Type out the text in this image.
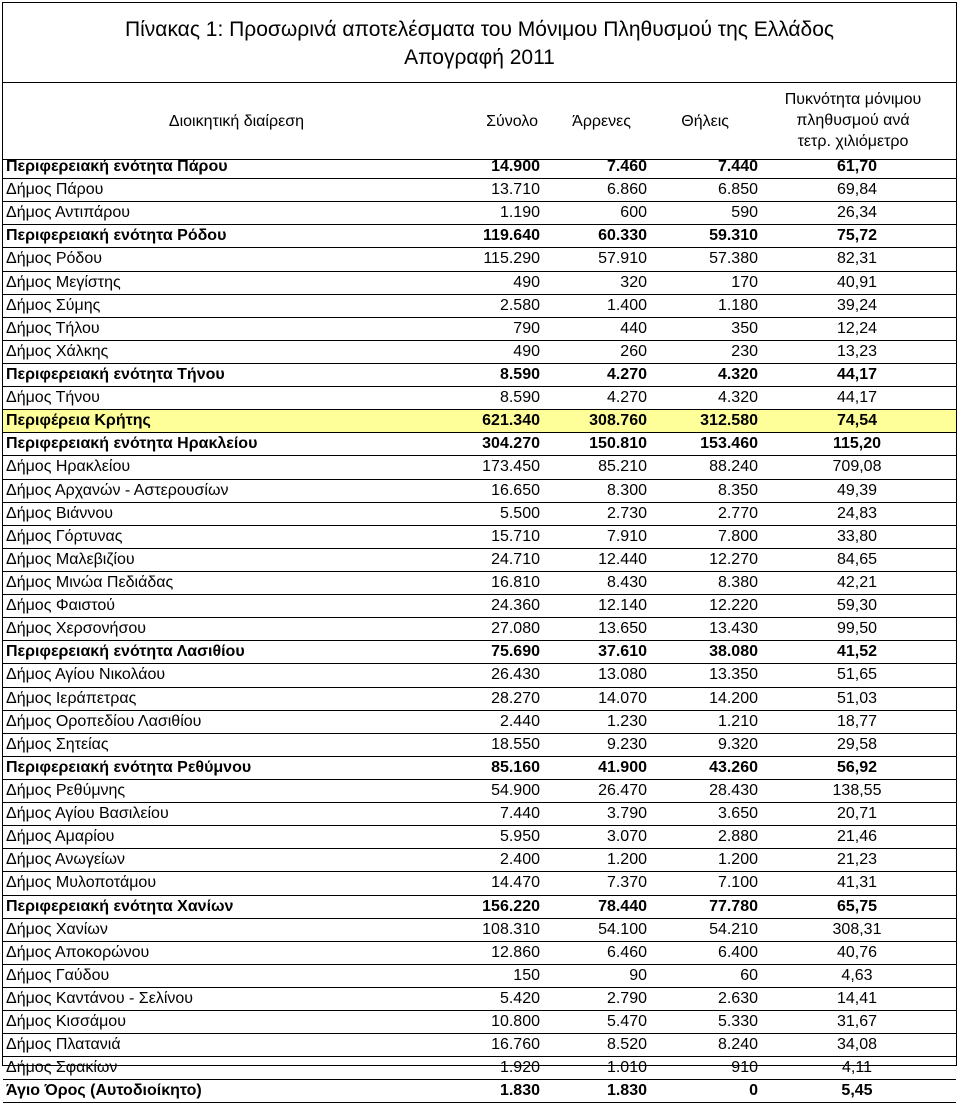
Πίνακας 1: Προσωρινά αποτελέσματα του Μόνιμου Πληθυσμού της Ελλάδος
Απογραφή 2011
Διοικητική διαίρεση	Σύνολο	Άρρενες	Θήλεις
Πυκνότητα μόνιμου
πληθυσμού ανά
τετρ. χιλιόμετρο
Περιφερειακή ενότητα Πάρου	14.900	7.460	7.440	61,70
Δήμος Πάρου	13.710	6.860	6.850	69,84
Δήμος Αντιπάρου	1.190	600	590	26,34
Περιφερειακή ενότητα Ρόδου	119.640	60.330	59.310	75,72
Δήμος Ρόδου	115.290	57.910	57.380	82,31
Δήμος Μεγίστης	490	320	170	40,91
Δήμος Σύμης	2.580	1.400	1.180	39,24
Δήμος Τήλου	790	440	350	12,24
Δήμος Χάλκης	490	260	230	13,23
Περιφερειακή ενότητα Τήνου	8.590	4.270	4.320	44,17
Δήμος Τήνου	8.590	4.270	4.320	44,17
Περιφέρεια Κρήτης	621.340	308.760	312.580	74,54
Περιφερειακή ενότητα Ηρακλείου	304.270	150.810	153.460	115,20
Δήμος Ηρακλείου	173.450	85.210	88.240	709,08
Δήμος Αρχανών - Αστερουσίων	16.650	8.300	8.350	49,39
Δήμος Βιάννου	5.500	2.730	2.770	24,83
Δήμος Γόρτυνας	15.710	7.910	7.800	33,80
Δήμος Μαλεβιζίου	24.710	12.440	12.270	84,65
Δήμος Μινώα Πεδιάδας	16.810	8.430	8.380	42,21
Δήμος Φαιστού	24.360	12.140	12.220	59,30
Δήμος Χερσονήσου	27.080	13.650	13.430	99,50
Περιφερειακή ενότητα Λασιθίου	75.690	37.610	38.080	41,52
Δήμος Αγίου Νικολάου	26.430	13.080	13.350	51,65
Δήμος Ιεράπετρας	28.270	14.070	14.200	51,03
Δήμος Οροπεδίου Λασιθίου	2.440	1.230	1.210	18,77
Δήμος Σητείας	18.550	9.230	9.320	29,58
Περιφερειακή ενότητα Ρεθύμνου	85.160	41.900	43.260	56,92
Δήμος Ρεθύμνης	54.900	26.470	28.430	138,55
Δήμος Αγίου Βασιλείου	7.440	3.790	3.650	20,71
Δήμος Αμαρίου	5.950	3.070	2.880	21,46
Δήμος Ανωγείων	2.400	1.200	1.200	21,23
Δήμος Μυλοποτάμου	14.470	7.370	7.100	41,31
Περιφερειακή ενότητα Χανίων	156.220	78.440	77.780	65,75
Δήμος Χανίων	108.310	54.100	54.210	308,31
Δήμος Αποκορώνου	12.860	6.460	6.400	40,76
Δήμος Γαύδου	150	90	60	4,63
Δήμος Καντάνου - Σελίνου	5.420	2.790	2.630	14,41
Δήμος Κισσάμου	10.800	5.470	5.330	31,67
Δήμος Πλατανιά	16.760	8.520	8.240	34,08
Δήμος Σφακίων	1.920	1.010	910	4,11
Άγιο Όρος (Αυτοδιοίκητο)	1.830	1.830	0	5,45
